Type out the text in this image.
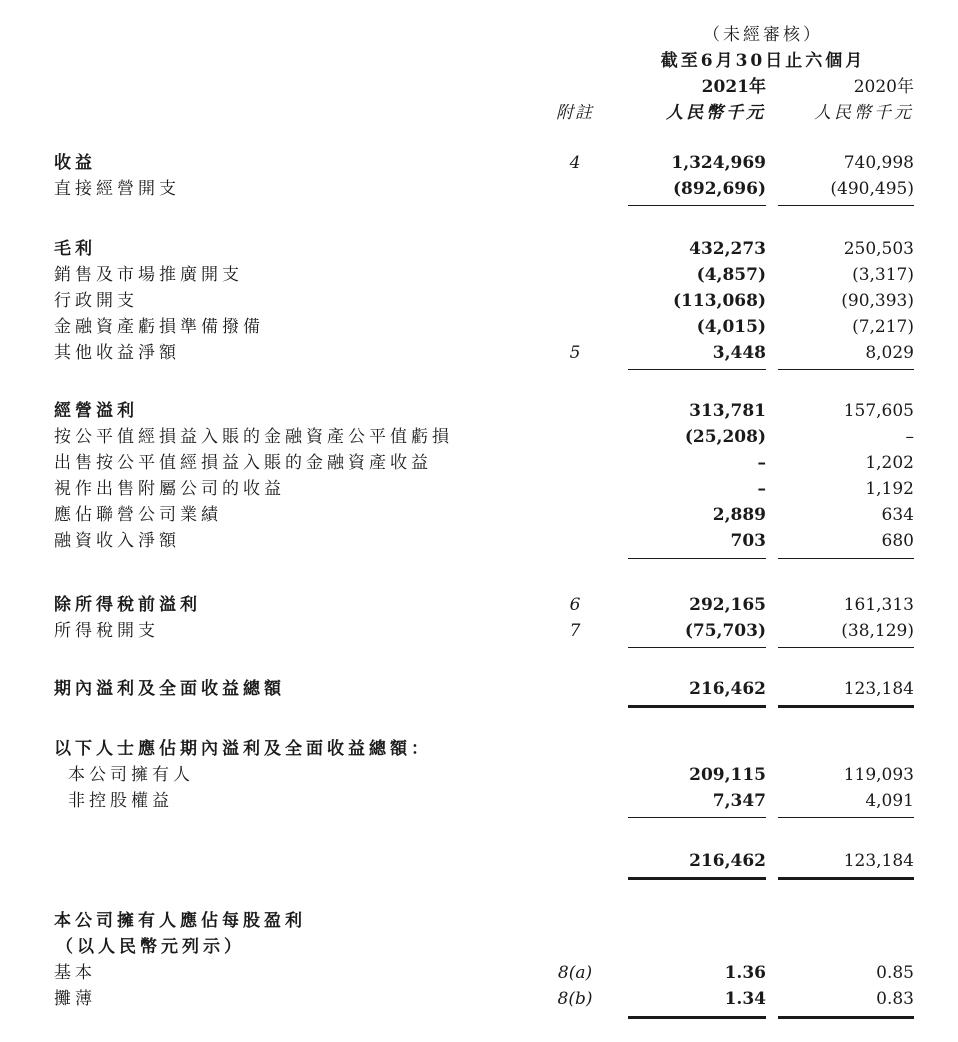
（未經審核）
截至6月30日止六個月
2021年	2020年
附註	人民幣千元	人民幣千元
收益	4	1,324,969	740,998
直接經營開支	(892,696)	(490,495)
毛利	432,273	250,503
銷售及市場推廣開支	(4,857)	(3,317)
行政開支	(113,068)	(90,393)
金融資產虧損準備撥備	(4,015)	(7,217)
其他收益淨額	5	3,448	8,029
經營溢利	313,781	157,605
按公平值經損益入賬的金融資產公平值虧損	(25,208)	–
出售按公平值經損益入賬的金融資產收益	–	1,202
視作出售附屬公司的收益	–	1,192
應佔聯營公司業績	2,889	634
融資收入淨額	703	680
除所得稅前溢利	6	292,165	161,313
所得稅開支	7	(75,703)	(38,129)
期內溢利及全面收益總額	216,462	123,184
以下人士應佔期內溢利及全面收益總額：
本公司擁有人	209,115	119,093
非控股權益	7,347	4,091
216,462	123,184
本公司擁有人應佔每股盈利
（以人民幣元列示）
基本	8(a)	1.36	0.85
攤薄	8(b)	1.34	0.83
